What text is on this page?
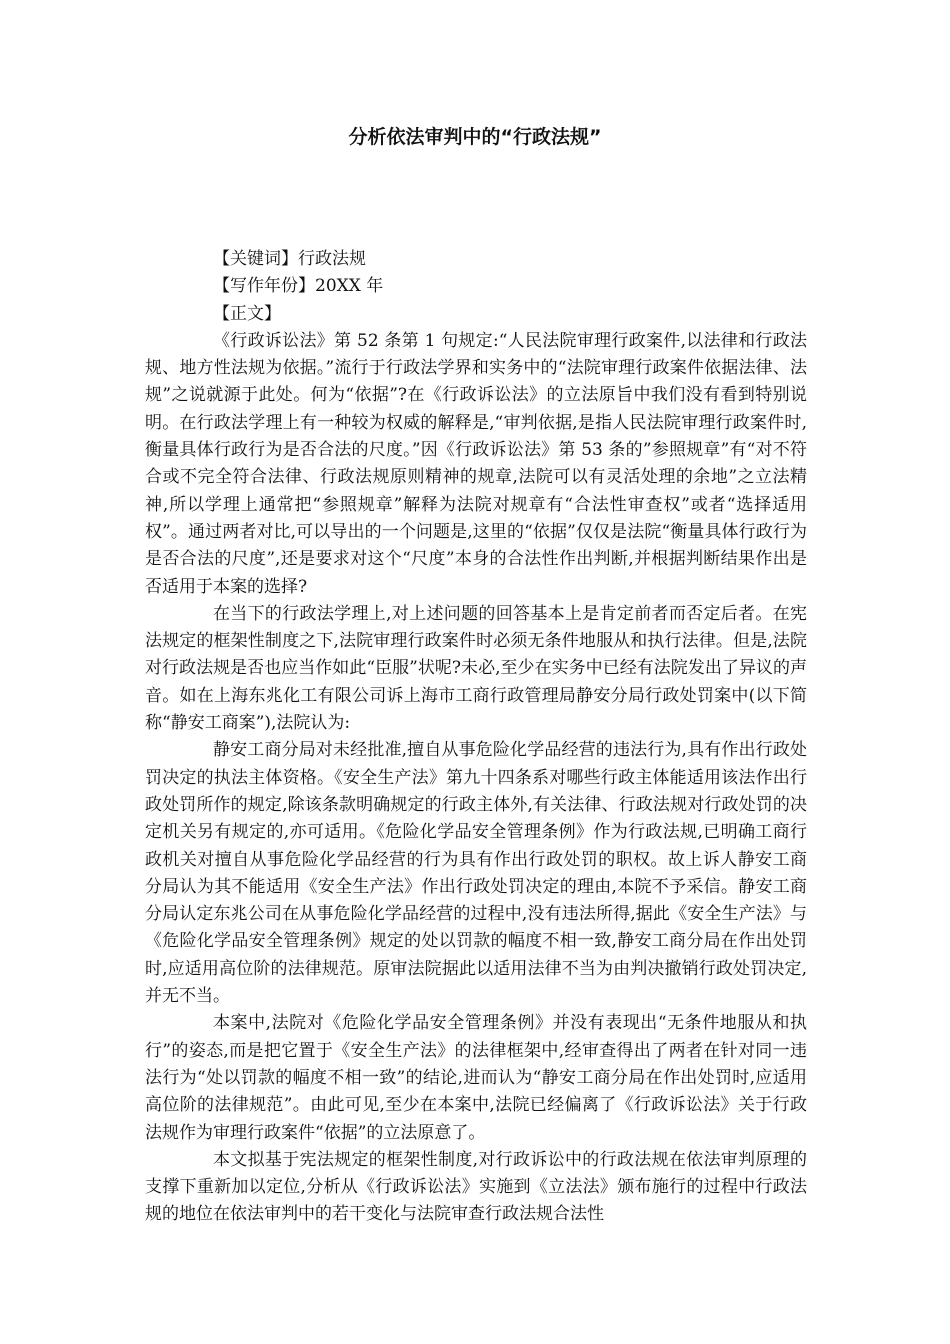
分析依法审判中的“行政法规”

【关键词】行政法规

【写作年份】20XX 年

【正文】

《行政诉讼法》第 52 条第 1 句规定:“人民法院审理行政案件,以法律和行政法规、地方性法规为依据。”流行于行政法学界和实务中的“法院审理行政案件依据法律、法规”之说就源于此处。何为“依据”?在《行政诉讼法》的立法原旨中我们没有看到特别说明。在行政法学理上有一种较为权威的解释是,“审判依据,是指人民法院审理行政案件时,衡量具体行政行为是否合法的尺度。”因《行政诉讼法》第 53 条的”参照规章”有“对不符合或不完全符合法律、行政法规原则精神的规章,法院可以有灵活处理的余地”之立法精神,所以学理上通常把“参照规章”解释为法院对规章有“合法性审查权”或者“选择适用权”。通过两者对比,可以导出的一个问题是,这里的“依据”仅仅是法院“衡量具体行政行为是否合法的尺度”,还是要求对这个“尺度”本身的合法性作出判断,并根据判断结果作出是否适用于本案的选择?

在当下的行政法学理上,对上述问题的回答基本上是肯定前者而否定后者。在宪法规定的框架性制度之下,法院审理行政案件时必须无条件地服从和执行法律。但是,法院对行政法规是否也应当作如此“臣服”状呢?未必,至少在实务中已经有法院发出了异议的声音。如在上海东兆化工有限公司诉上海市工商行政管理局静安分局行政处罚案中(以下简称“静安工商案”),法院认为:

静安工商分局对未经批准,擅自从事危险化学品经营的违法行为,具有作出行政处罚决定的执法主体资格。《安全生产法》第九十四条系对哪些行政主体能适用该法作出行政处罚所作的规定,除该条款明确规定的行政主体外,有关法律、行政法规对行政处罚的决定机关另有规定的,亦可适用。《危险化学品安全管理条例》作为行政法规,已明确工商行政机关对擅自从事危险化学品经营的行为具有作出行政处罚的职权。故上诉人静安工商分局认为其不能适用《安全生产法》作出行政处罚决定的理由,本院不予采信。静安工商分局认定东兆公司在从事危险化学品经营的过程中,没有违法所得,据此《安全生产法》与《危险化学品安全管理条例》规定的处以罚款的幅度不相一致,静安工商分局在作出处罚时,应适用高位阶的法律规范。原审法院据此以适用法律不当为由判决撤销行政处罚决定,并无不当。

本案中,法院对《危险化学品安全管理条例》并没有表现出“无条件地服从和执行”的姿态,而是把它置于《安全生产法》的法律框架中,经审查得出了两者在针对同一违法行为“处以罚款的幅度不相一致”的结论,进而认为“静安工商分局在作出处罚时,应适用高位阶的法律规范”。由此可见,至少在本案中,法院已经偏离了《行政诉讼法》关于行政法规作为审理行政案件“依据”的立法原意了。

本文拟基于宪法规定的框架性制度,对行政诉讼中的行政法规在依法审判原理的支撑下重新加以定位,分析从《行政诉讼法》实施到《立法法》颁布施行的过程中行政法规的地位在依法审判中的若干变化与法院审查行政法规合法性
